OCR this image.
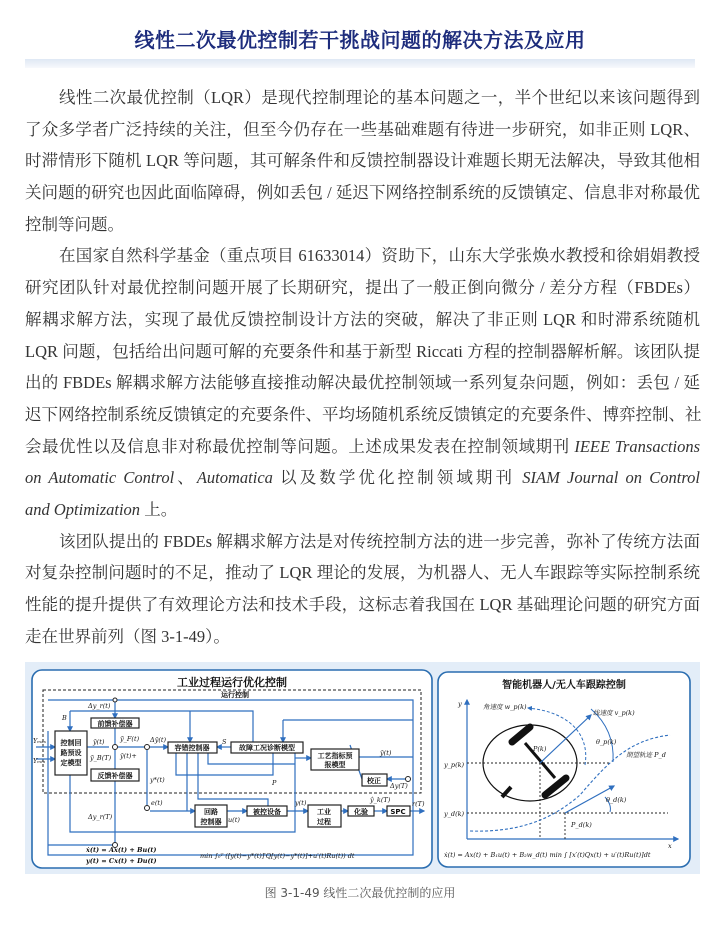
线性二次最优控制若干挑战问题的解决方法及应用
线性二次最优控制（LQR）是现代控制理论的基本问题之一，半个世纪以来该问题得到
了众多学者广泛持续的关注，但至今仍存在一些基础难题有待进一步研究，如非正则 LQR、
时滞情形下随机 LQR 等问题，其可解条件和反馈控制器设计难题长期无法解决，导致其他相
关问题的研究也因此面临障碍，例如丢包 / 延迟下网络控制系统的反馈镇定、信息非对称最优
控制等问题。
在国家自然科学基金（重点项目 61633014）资助下，山东大学张焕水教授和徐娟娟教授
研究团队针对最优控制问题开展了长期研究，提出了一般正倒向微分 / 差分方程（FBDEs）
解耦求解方法，实现了最优反馈控制设计方法的突破，解决了非正则 LQR 和时滞系统随机
LQR 问题，包括给出问题可解的充要条件和基于新型 Riccati 方程的控制器解析解。该团队提
出的 FBDEs 解耦求解方法能够直接推动解决最优控制领域一系列复杂问题，例如：丢包 / 延
迟下网络控制系统反馈镇定的充要条件、平均场随机系统反馈镇定的充要条件、博弈控制、社
会最优性以及信息非对称最优控制等问题。上述成果发表在控制领域期刊 IEEE Transactions
on Automatic Control、Automatica 以及数学优化控制领域期刊 SIAM Journal on Control
and Optimization 上。
该团队提出的 FBDEs 解耦求解方法是对传统控制方法的进一步完善，弥补了传统方法面
对复杂控制问题时的不足，推动了 LQR 理论的发展，为机器人、无人车跟踪等实际控制系统
性能的提升提供了有效理论方法和技术手段，这标志着我国在 LQR 基础理论问题的研究方面
走在世界前列（图 3-1-49）。
工业过程运行优化控制
运行控制
控制回
路预设
定模型
前馈补偿器
反馈补偿器
容错控制器	故障工况诊断模型
工艺指标预
报模型
校正
回路
控制器
被控设备	工业
过程
化验	SPC
Yₘₐₓ
Yₘᵢₙ
B
Δy_r(t)
Δy_r(T)
ȳ(t) ỹ_F(t)
ỹ_B(T) ȳ(t)+
Δȳ(t)	S
y*(t)	P
ȳ(t)
Δy(T)
e(t)
u(t)
y(t)	ŷ_k(T)	r(T)
ẋ(t) = Ax(t) + Bu(t)
y(t) = Cx(t) + Du(t)
min ∫₀ᵀ ([y(t)−y*(t)]′Q[y(t)−y*(t)]+u′(t)Ru(t)) dt
智能机器人/无人车跟踪控制
角速度 w_p(k)
线速度 v_p(k)
θ_p(k)
期望轨迹 P_d
P(k)
y_p(k)
y_d(k)
θ_d(k)
P_d(k)
x
y
ẋ(t) = Ax(t) + B₁u(t) + B₂w_d(t) min ∫ [x′(t)Qx(t) + u′(t)Ru(t)]dt
图 3-1-49 线性二次最优控制的应用
